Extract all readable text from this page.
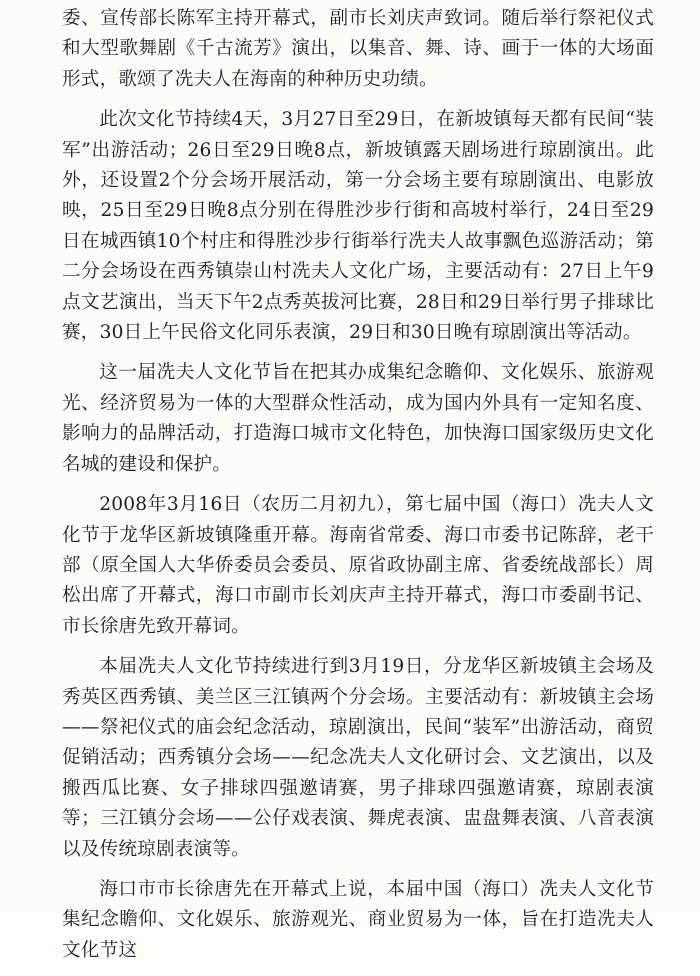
委、宣传部长陈军主持开幕式，副市长刘庆声致词。随后举行祭祀仪式和大型歌舞剧《千古流芳》演出，以集音、舞、诗、画于一体的大场面形式，歌颂了冼夫人在海南的种种历史功绩。

此次文化节持续4天，3月27日至29日，在新坡镇每天都有民间“装军”出游活动；26日至29日晚8点，新坡镇露天剧场进行琼剧演出。此外，还设置2个分会场开展活动，第一分会场主要有琼剧演出、电影放映，25日至29日晚8点分别在得胜沙步行街和高坡村举行，24日至29日在城西镇10个村庄和得胜沙步行街举行冼夫人故事飘色巡游活动；第二分会场设在西秀镇崇山村冼夫人文化广场，主要活动有：27日上午9点文艺演出，当天下午2点秀英拔河比赛，28日和29日举行男子排球比赛，30日上午民俗文化同乐表演，29日和30日晚有琼剧演出等活动。

这一届冼夫人文化节旨在把其办成集纪念瞻仰、文化娱乐、旅游观光、经济贸易为一体的大型群众性活动，成为国内外具有一定知名度、影响力的品牌活动，打造海口城市文化特色，加快海口国家级历史文化名城的建设和保护。

2008年3月16日（农历二月初九），第七届中国（海口）冼夫人文化节于龙华区新坡镇隆重开幕。海南省常委、海口市委书记陈辞，老干部（原全国人大华侨委员会委员、原省政协副主席、省委统战部长）周松出席了开幕式，海口市副市长刘庆声主持开幕式，海口市委副书记、市长徐唐先致开幕词。

本届冼夫人文化节持续进行到3月19日，分龙华区新坡镇主会场及秀英区西秀镇、美兰区三江镇两个分会场。主要活动有：新坡镇主会场——祭祀仪式的庙会纪念活动，琼剧演出，民间“装军”出游活动，商贸促销活动；西秀镇分会场——纪念冼夫人文化研讨会、文艺演出，以及搬西瓜比赛、女子排球四强邀请赛，男子排球四强邀请赛，琼剧表演等；三江镇分会场——公仔戏表演、舞虎表演、盅盘舞表演、八音表演以及传统琼剧表演等。

海口市市长徐唐先在开幕式上说，本届中国（海口）冼夫人文化节集纪念瞻仰、文化娱乐、旅游观光、商业贸易为一体，旨在打造冼夫人文化节这
